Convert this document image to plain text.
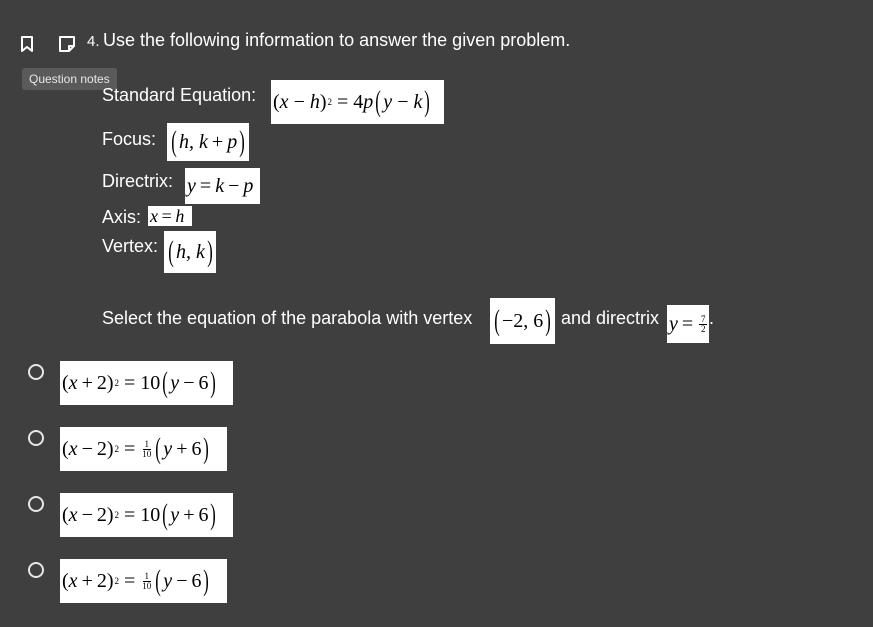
4. Use the following information to answer the given problem.
Question notes
Standard Equation: ( x − h ) 2
= 4 p ( y − k )
Focus: ( h, k  +  p )
Directrix: y  =  k  −  p
Axis: x  =  h
Vertex: ( h, k )
Select the equation of the parabola with vertex ( −2, 6 ) and directrix $y = \frac{7}{2}$ .
( x  + 2) 2 = 10 ( y  − 6 )
( x  − 2) $2 = \frac{1}{10}$ ( y  + 6 )
( x  − 2) 2 = 10 ( y  + 6 )
( x  + 2) $2 = \frac{1}{10}$ ( y  − 6 )
